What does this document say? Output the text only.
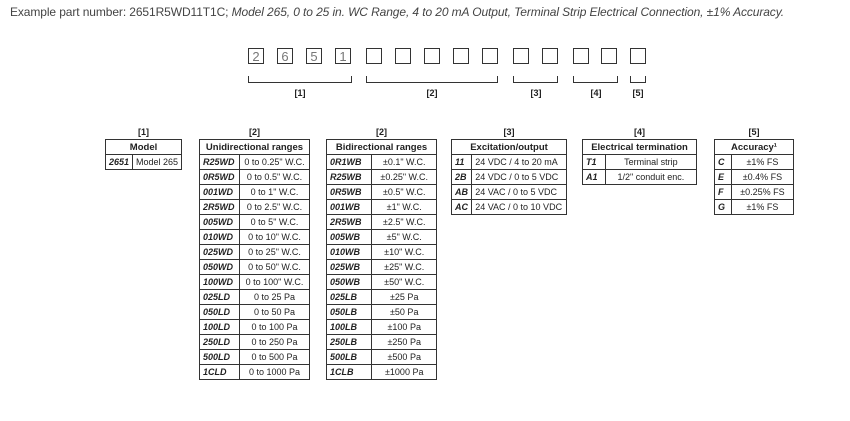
Example part number: 2651R5WD11T1C; Model 265, 0 to 25 in. WC Range, 4 to 20 mA Output, Terminal Strip Electrical Connection, ±1% Accuracy.
2	6	5	1
[1]	[2]	[3]	[4]	[5]
[1]
Model
2651	Model 265
[2]
Unidirectional ranges	
R25WD	0 to 0.25" W.C.
0R5WD	0 to 0.5" W.C.
001WD	0 to 1" W.C.
2R5WD	0 to 2.5" W.C.
005WD	0 to 5" W.C.
010WD	0 to 10" W.C.
025WD	0 to 25" W.C.
050WD	0 to 50" W.C.
100WD	0 to 100" W.C.
025LD	0 to 25 Pa
050LD	0 to 50 Pa
100LD	0 to 100 Pa
250LD	0 to 250 Pa
500LD	0 to 500 Pa
1CLD	0 to 1000 Pa
[2]
Bidirectional ranges	
0R1WB	±0.1" W.C.
R25WB	±0.25" W.C.
0R5WB	±0.5" W.C.
001WB	±1" W.C.
2R5WB	±2.5" W.C.
005WB	±5" W.C.
010WB	±10" W.C.
025WB	±25" W.C.
050WB	±50" W.C.
025LB	±25 Pa
050LB	±50 Pa
100LB	±100 Pa
250LB	±250 Pa
500LB	±500 Pa
1CLB	±1000 Pa
[3]
Excitation/output	
11	24 VDC / 4 to 20 mA
2B	24 VDC / 0 to 5 VDC
AB	24 VAC / 0 to 5 VDC
AC	24 VAC / 0 to 10 VDC
[4]
Electrical termination	
T1	Terminal strip
A1	1/2" conduit enc.
[5]
Accuracy¹	
C	±1% FS
E	±0.4% FS
F	±0.25% FS
G	±1% FS
